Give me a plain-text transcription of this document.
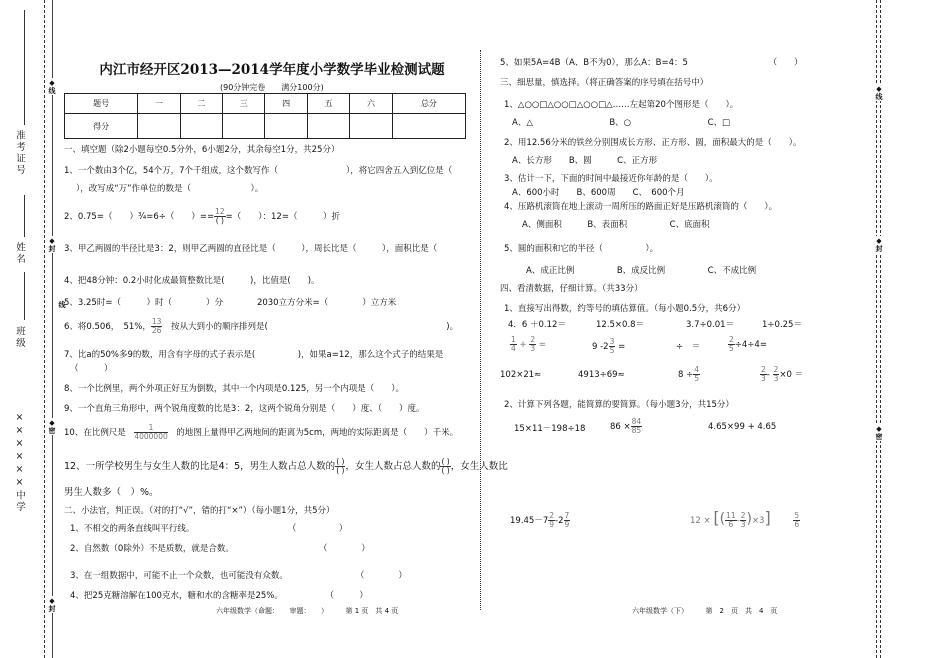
◆线
◆封
◆密
◆封
线
准考证号
姓名
班级
××××××中学
◆线
◆封
◆密
内江市经开区2013—2014学年度小学数学毕业检测试题
(90分钟完卷　　满分100分)
题号	一	二	三	四	五	六	总分
得分							
一、填空题（除2小题每空0.5分外，6小题2分，其余每空1分，共25分）
1、一个数由3个亿，54个万，7个千组成，这个数写作（　　　　　　　　），将它四舍五入到亿位是（
），改写成“万”作单位的数是（　　　　　　　）。
2、0.75=（　　）¾=6÷（　　）== $\frac{12}{( )}$ =（　　）：12=（　　　）折
3、甲乙两圆的半径比是3：2，则甲乙两圆的直径比是（　　　），周长比是（　　　），面积比是（
4、把48分钟：0.2小时化成最简整数比是(　　　)，比值是(　　)。
5、3.25时=（　　　）时（　　　　）分　　　　2030立方分米=（　　　　）立方米
6、将0.506，　51%， $\frac{13}{26}$
　 按从大到小的顺序排列是(　　　　　　　　　　　　　　　　　　　　　)。
7、比a的50%多9的数，用含有字母的式子表示是(　　　　　)，如果a=12，那么这个式子的结果是
（　　　）
8、一个比例里，两个外项正好互为倒数，其中一个内项是0.125，另一个内项是（　　）。
9、一个直角三角形中，两个锐角度数的比是3：2，这两个锐角分别是（　　）度、（　　）度。
10、在比例尺是　 $\frac{1}{4000000}$
　 的地图上量得甲乙两地间的距离为5cm，两地的实际距离是（　　）千米。
12、一所学校男生与女生人数的比是4：5，男生人数占总人数的 $\frac{( )}{( )}$ ，女生人数占总人数的 $\frac{( )}{( )}$ ，女生人数比
男生人数多（　）%。
二、小法官，判正误。（对的打“√”，错的打“×”）（每小题1分，共5分）
1、不相交的两条直线叫平行线。　　　　　　　　　　　　（　　　　　）
2、自然数（0除外）不是质数，就是合数。　　　　　　　　　　　（　　　　）
3、在一组数据中，可能不止一个众数，也可能没有众数。　　　　　　　　　（　　　　）
4、把25克糖溶解在100克水，糖和水的含糖率是25%。　　　　　　（　　　）
六年级数学（命题：　　审题：　　）　　　第 1 页　共 4 页
5、如果5A=4B（A、B不为0），那么A：B=4：5　　　　　　　　　　（　　）
三、细思量，慎选择。（将正确答案的序号填在括号中）
1、△○○□△○○□△○○□△……左起第20个图形是（　　）。
A、△　　　　　　　　　B、○　　　　　　　　　C、□
2、用12.56分米的铁丝分别围成长方形、正方形、圆，面积最大的是（　　）。
A、长方形　　B、圆　　　C、正方形
3、估计一下，下面的时间中最接近你年龄的是（　　）。
A、600小时　　B、600周　　C、　600个月
4、压路机滚筒在地上滚动一周所压的路面正好是压路机滚筒的（　　）。
A、侧面积　　　B、表面积　　　　　C、底面积
5、圆的面积和它的半径（　　　　　）。
A、成正比例　　　　　B、成反比例　　　　　C、不成比例
四、看清数据，仔细计算。（共33分）
1、直接写出得数，约等号的填估算值。（每小题0.5分，共6分）
4．6 ＋0.12＝	12.5×0.8＝	3.7÷0.01＝	1÷0.25＝
$\frac{1}{4} + \frac{2}{3}$ =	9 $-2 \frac{3}{5}$ =	÷　＝	$\frac{2}{5} \div 4\div 4=$
102×21≈	4913÷69≈	$8 \div \frac{4}{5}$	$\frac{2}{3} - \frac{2}{3} \times 0$ ＝
2、计算下列各题，能简算的要简算。（每小题3分，共15分）
15×11－198÷18	$86 \times \frac{84}{85}$	4.65×99 + 4.65
$19.45-7 \frac{2}{9} -2 \frac{7}{9}$	12 × [( $\frac{11}{6} - \frac{2}{3} )\times 3$]	$\frac{5}{6}$
六年级数学（下）　　　第　2　页　共　4　页
